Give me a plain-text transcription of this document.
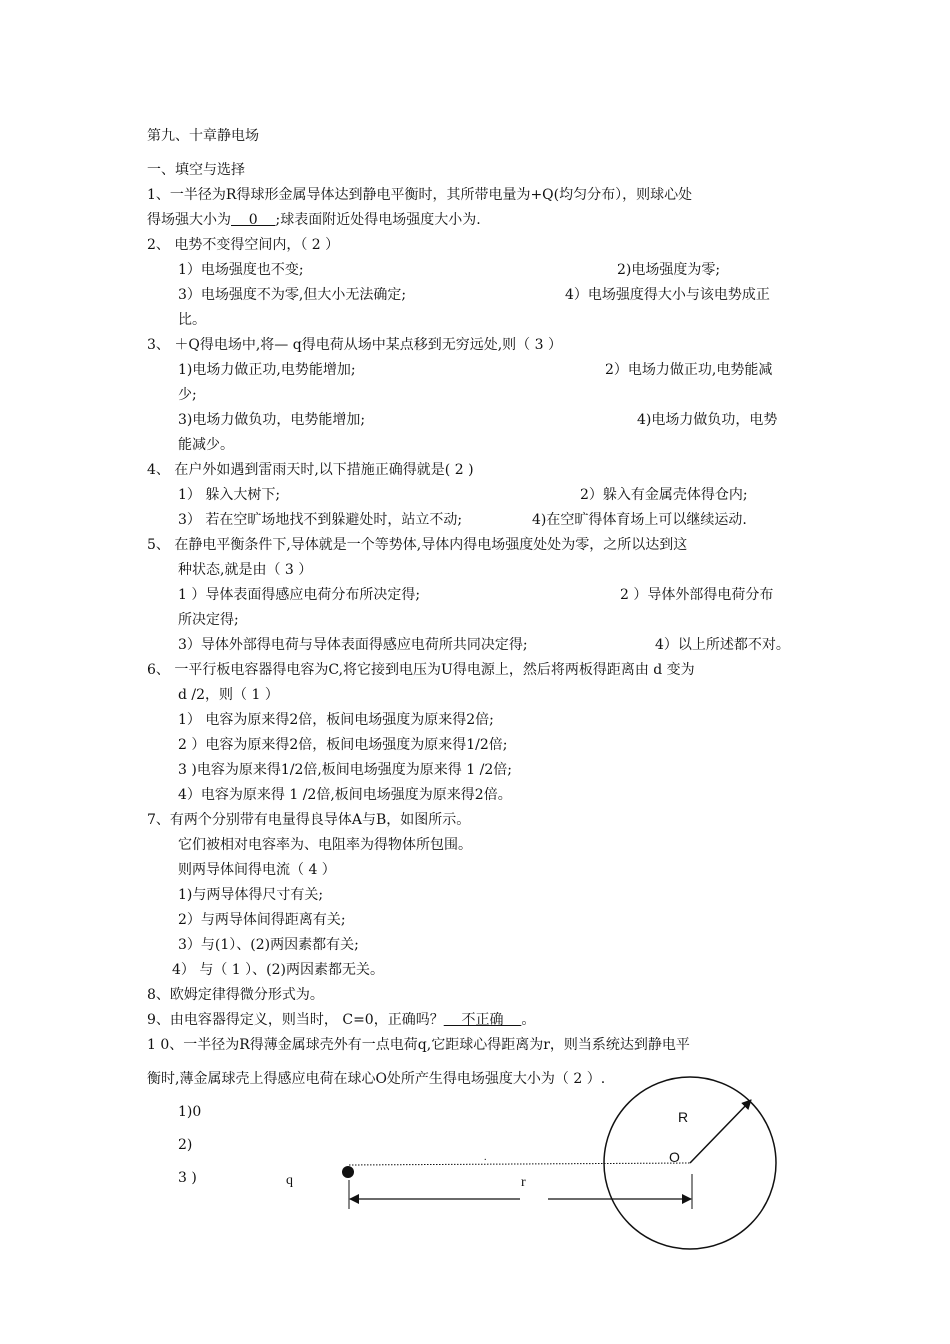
第九、十章静电场
一、填空与选择
1、一半径为R得球形金属导体达到静电平衡时，其所带电量为+Q(均匀分布），则球心处
得场强大小为    0    ;球表面附近处得电场强度大小为.
2、 电势不变得空间内，（ 2 ）
1）电场强度也不变;	2)电场强度为零;
3）电场强度不为零,但大小无法确定;	4）电场强度得大小与该电势成正
比。
3、 ＋Q得电场中,将— q得电荷从场中某点移到无穷远处,则（ 3 ）
1)电场力做正功,电势能增加;	2）电场力做正功,电势能减
少;
3)电场力做负功，电势能增加;	4)电场力做负功，电势
能减少。
4、 在户外如遇到雷雨天时,以下措施正确得就是( 2 )
1） 躲入大树下;	2）躲入有金属壳体得仓内;
3） 若在空旷场地找不到躲避处时，站立不动;	4)在空旷得体育场上可以继续运动.
5、 在静电平衡条件下,导体就是一个等势体,导体内得电场强度处处为零，之所以达到这
种状态,就是由（ 3 ）
1 ）导体表面得感应电荷分布所决定得;	2 ）导体外部得电荷分布
所决定得;
3）导体外部得电荷与导体表面得感应电荷所共同决定得;	4）以上所述都不对。
6、 一平行板电容器得电容为C,将它接到电压为U得电源上，然后将两板得距离由 d 变为
d /2，则（ 1 ）
1） 电容为原来得2倍，板间电场强度为原来得2倍;
2 ）电容为原来得2倍，板间电场强度为原来得1/2倍;
3 )电容为原来得1/2倍,板间电场强度为原来得 1 /2倍;
4）电容为原来得 1 /2倍,板间电场强度为原来得2倍。
7、有两个分别带有电量得良导体A与B，如图所示。
它们被相对电容率为、电阻率为得物体所包围。
则两导体间得电流（ 4 ）
1)与两导体得尺寸有关;
2）与两导体间得距离有关;
3）与(1）、(2)两因素都有关;
4） 与（ 1 ）、(2)两因素都无关。
8、欧姆定律得微分形式为。
9、由电容器得定义，则当时， C=0，正确吗？    不正确    。
1 0、一半径为R得薄金属球壳外有一点电荷q,它距球心得距离为r，则当系统达到静电平
衡时,薄金属球壳上得感应电荷在球心O处所产生得电场强度大小为（ 2 ）.
1)0
2)
3 )
R
O
q	r
.
